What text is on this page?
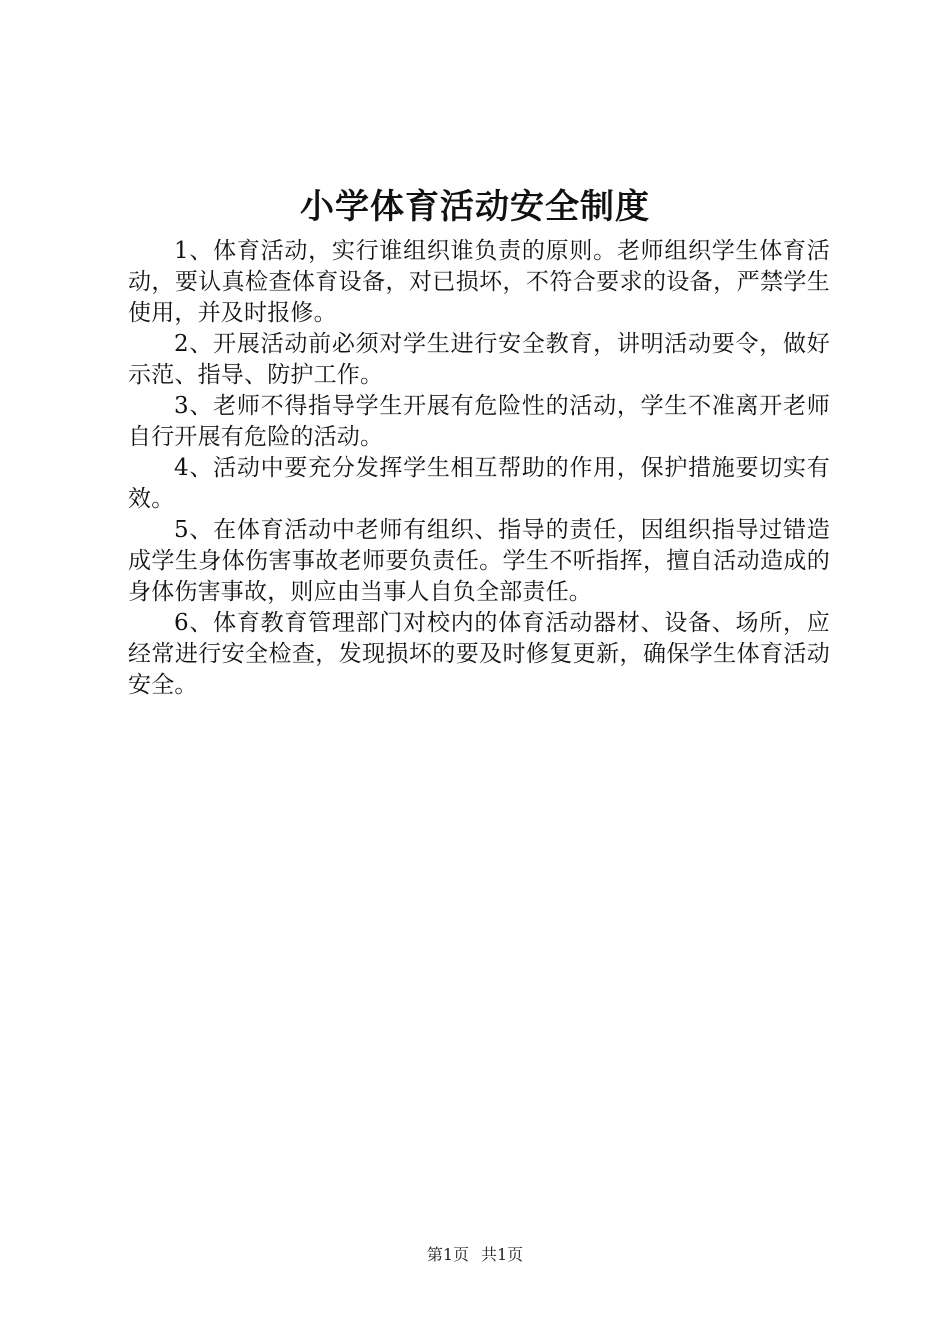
小学体育活动安全制度

1、体育活动，实行谁组织谁负责的原则。老师组织学生体育活动，要认真检查体育设备，对已损坏，不符合要求的设备，严禁学生使用，并及时报修。

2、开展活动前必须对学生进行安全教育，讲明活动要令，做好示范、指导、防护工作。

3、老师不得指导学生开展有危险性的活动，学生不准离开老师自行开展有危险的活动。

4、活动中要充分发挥学生相互帮助的作用，保护措施要切实有效。

5、在体育活动中老师有组织、指导的责任，因组织指导过错造成学生身体伤害事故老师要负责任。学生不听指挥，擅自活动造成的身体伤害事故，则应由当事人自负全部责任。

6、体育教育管理部门对校内的体育活动器材、设备、场所，应经常进行安全检查，发现损坏的要及时修复更新，确保学生体育活动安全。

第1页 共1页
